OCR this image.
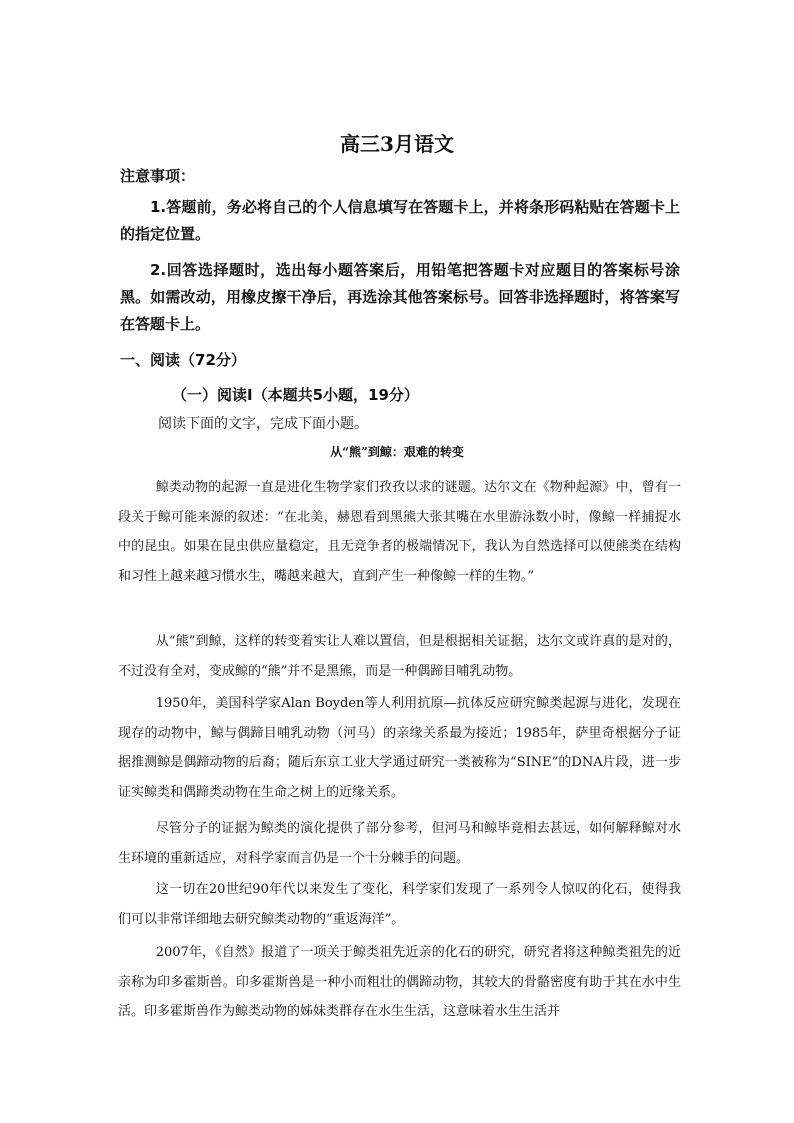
高三3月语文
注意事项：
1.答题前，务必将自己的个人信息填写在答题卡上，并将条形码粘贴在答题卡上的指定位置。
2.回答选择题时，选出每小题答案后，用铅笔把答题卡对应题目的答案标号涂黑。如需改动，用橡皮擦干净后，再选涂其他答案标号。回答非选择题时，将答案写在答题卡上。
一、阅读（72分）
（一）阅读I（本题共5小题，19分）
阅读下面的文字，完成下面小题。
从“熊”到鲸：艰难的转变
鲸类动物的起源一直是进化生物学家们孜孜以求的谜题。达尔文在《物种起源》中，曾有一段关于鲸可能来源的叙述：“在北美，赫恩看到黑熊大张其嘴在水里游泳数小时，像鲸一样捕捉水中的昆虫。如果在昆虫供应量稳定，且无竞争者的极端情况下，我认为自然选择可以使熊类在结构和习性上越来越习惯水生，嘴越来越大，直到产生一种像鲸一样的生物。”
从“熊”到鲸，这样的转变着实让人难以置信，但是根据相关证据，达尔文或许真的是对的，不过没有全对，变成鲸的“熊”并不是黑熊，而是一种偶蹄目哺乳动物。
1950年，美国科学家Alan Boyden等人利用抗原—抗体反应研究鲸类起源与进化，发现在现存的动物中，鲸与偶蹄目哺乳动物（河马）的亲缘关系最为接近；1985年，萨里奇根据分子证据推测鲸是偶蹄动物的后裔；随后东京工业大学通过研究一类被称为“SINE”的DNA片段，进一步证实鲸类和偶蹄类动物在生命之树上的近缘关系。
尽管分子的证据为鲸类的演化提供了部分参考，但河马和鲸毕竟相去甚远，如何解释鲸对水生环境的重新适应，对科学家而言仍是一个十分棘手的问题。
这一切在20世纪90年代以来发生了变化，科学家们发现了一系列令人惊叹的化石，使得我们可以非常详细地去研究鲸类动物的“重返海洋”。
2007年，《自然》报道了一项关于鲸类祖先近亲的化石的研究，研究者将这种鲸类祖先的近亲称为印多霍斯兽。印多霍斯兽是一种小而粗壮的偶蹄动物，其较大的骨骼密度有助于其在水中生活。印多霍斯兽作为鲸类动物的姊妹类群存在水生生活，这意味着水生生活并
